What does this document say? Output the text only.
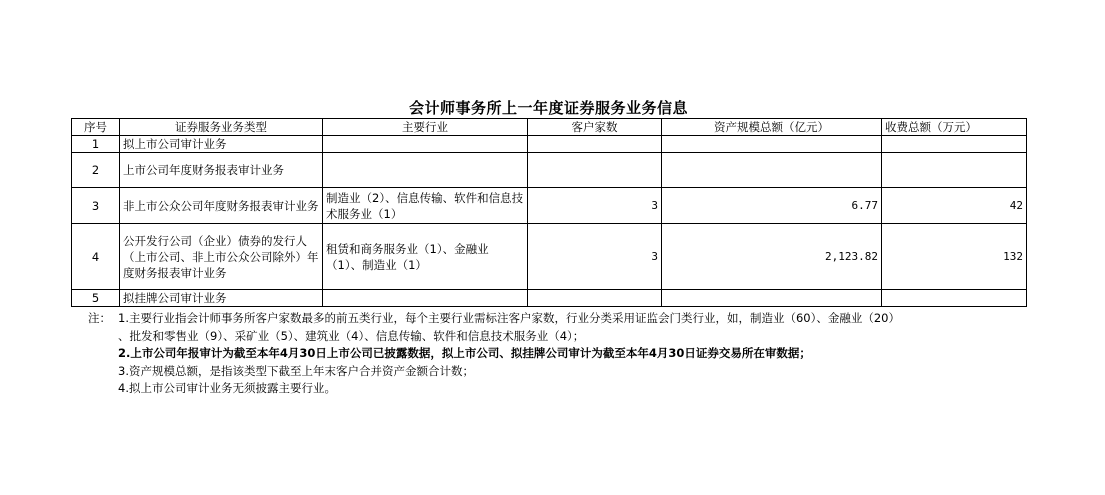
会计师事务所上一年度证券服务业务信息
序号	证券服务业务类型	主要行业	客户家数	资产规模总额（亿元）	收费总额（万元）
1	拟上市公司审计业务				
2	上市公司年度财务报表审计业务				
3	非上市公众公司年度财务报表审计业务	制造业（2）、信息传输、软件和信息技术服务业（1）	3	6.77	42
4	公开发行公司（企业）债券的发行人（上市公司、非上市公众公司除外）年度财务报表审计业务	租赁和商务服务业（1）、金融业（1）、制造业（1）	3	2,123.82	132
5	拟挂牌公司审计业务				
注： 1.主要行业指会计师事务所客户家数最多的前五类行业，每个主要行业需标注客户家数，行业分类采用证监会门类行业，如，制造业（60）、金融业（20）
、批发和零售业（9）、采矿业（5）、建筑业（4）、信息传输、软件和信息技术服务业（4）；
2.上市公司年报审计为截至本年4月30日上市公司已披露数据，拟上市公司、拟挂牌公司审计为截至本年4月30日证券交易所在审数据；
3.资产规模总额，是指该类型下截至上年末客户合并资产金额合计数；
4.拟上市公司审计业务无须披露主要行业。
